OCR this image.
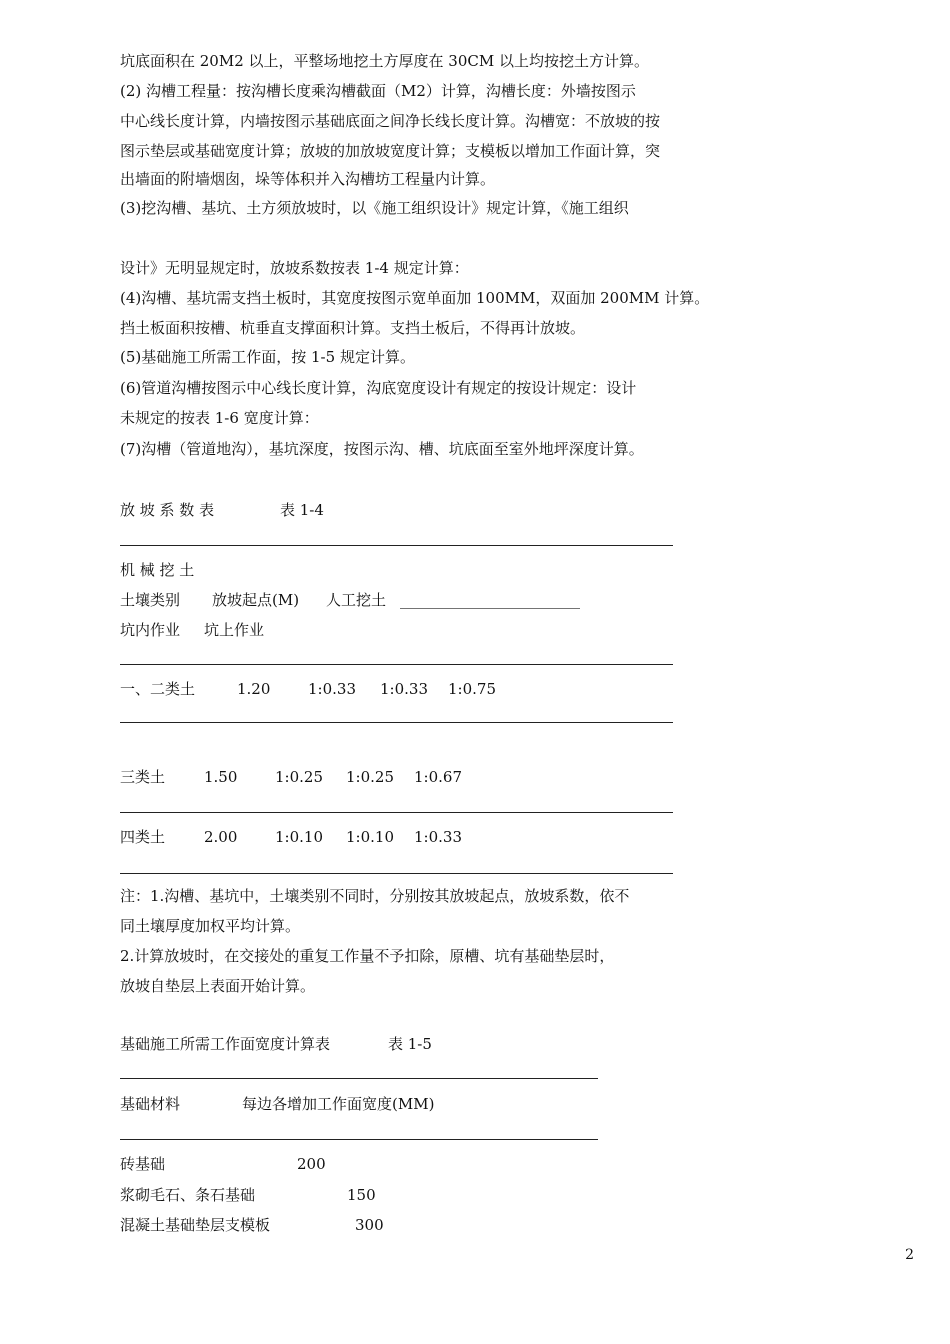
坑底面积在 20M2 以上，平整场地挖土方厚度在 30CM 以上均按挖土方计算。
(2) 沟槽工程量：按沟槽长度乘沟槽截面（M2）计算，沟槽长度：外墙按图示
中心线长度计算，内墙按图示基础底面之间净长线长度计算。沟槽宽：不放坡的按
图示垫层或基础宽度计算；放坡的加放坡宽度计算；支模板以增加工作面计算，突
出墙面的附墙烟囱，垛等体积并入沟槽坊工程量内计算。
(3)挖沟槽、基坑、土方须放坡时，以《施工组织设计》规定计算，《施工组织
设计》无明显规定时，放坡系数按表 1-4 规定计算：
(4)沟槽、基坑需支挡土板时，其宽度按图示宽单面加 100MM，双面加 200MM 计算。
挡土板面积按槽、杭垂直支撑面积计算。支挡土板后，不得再计放坡。
(5)基础施工所需工作面，按 1-5 规定计算。
(6)管道沟槽按图示中心线长度计算，沟底宽度设计有规定的按设计规定：设计
未规定的按表 1-6 宽度计算：
(7)沟槽（管道地沟），基坑深度，按图示沟、槽、坑底面至室外地坪深度计算。
放 坡 系 数 表	表 1-4
机 械 挖 土
土壤类别 放坡起点(M) 人工挖土 ________________________
坑内作业 坑上作业
一、二类土	1.20	1:0.33 1:0.33 1:0.75
三类土	1.50	1:0.25 1:0.25 1:0.67
四类土	2.00	1:0.10 1:0.10 1:0.33
注：1.沟槽、基坑中，土壤类别不同时，分别按其放坡起点，放坡系数，依不
同土壤厚度加权平均计算。
2.计算放坡时，在交接处的重复工作量不予扣除，原槽、坑有基础垫层时，
放坡自垫层上表面开始计算。
基础施工所需工作面宽度计算表	表 1-5
基础材料	每边各增加工作面宽度(MM)
砖基础	200
浆砌毛石、条石基础	150
混凝土基础垫层支模板	300
2
